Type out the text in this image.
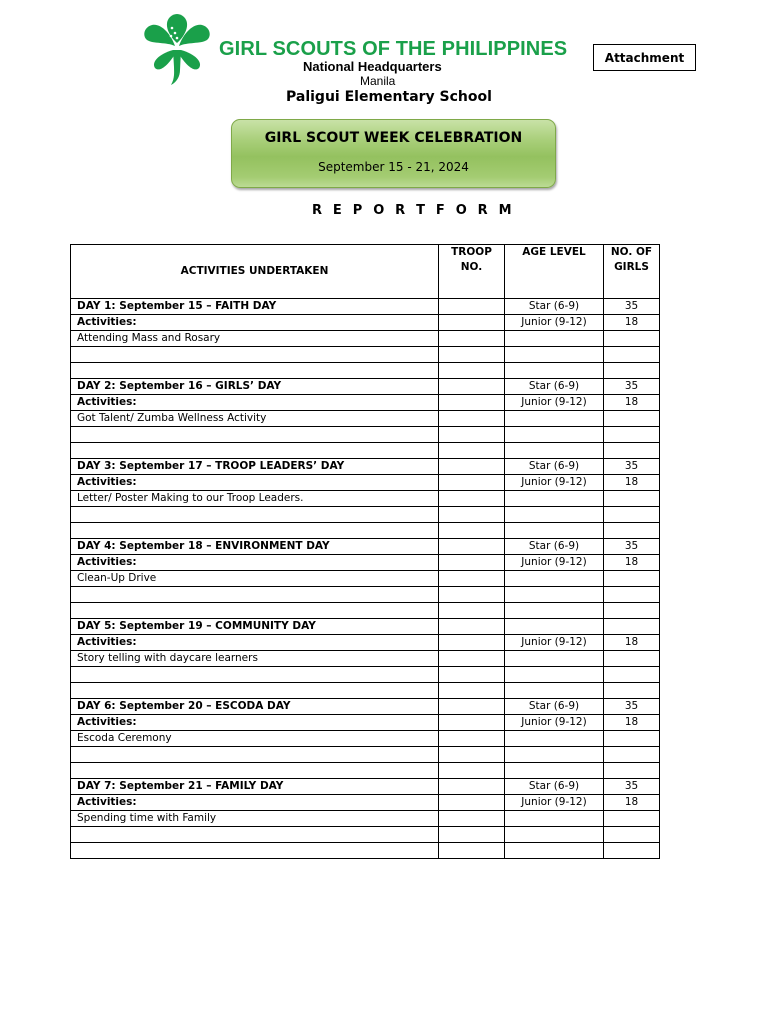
GIRL SCOUTS OF THE PHILIPPINES
National Headquarters
Manila
Paligui Elementary School
Attachment
GIRL SCOUT WEEK CELEBRATION
September 15 - 21, 2024
R E P O R T F O R M
ACTIVITIES UNDERTAKEN	TROOP NO.	AGE LEVEL	NO. OF GIRLS
DAY 1: September 15 – FAITH DAY		Star (6-9)	35
Activities:		Junior (9-12)	18
Attending Mass and Rosary			

DAY 2: September 16 – GIRLS’ DAY		Star (6-9)	35
Activities:		Junior (9-12)	18
Got Talent/ Zumba Wellness Activity			

DAY 3: September 17 – TROOP LEADERS’ DAY		Star (6-9)	35
Activities:		Junior (9-12)	18
Letter/ Poster Making to our Troop Leaders.			

DAY 4: September 18 – ENVIRONMENT DAY		Star (6-9)	35
Activities:		Junior (9-12)	18
Clean-Up Drive			

DAY 5: September 19 – COMMUNITY DAY			
Activities:		Junior (9-12)	18
Story telling with daycare learners			

DAY 6: September 20 – ESCODA DAY		Star (6-9)	35
Activities:		Junior (9-12)	18
Escoda Ceremony			

DAY 7: September 21 – FAMILY DAY		Star (6-9)	35
Activities:		Junior (9-12)	18
Spending time with Family			
